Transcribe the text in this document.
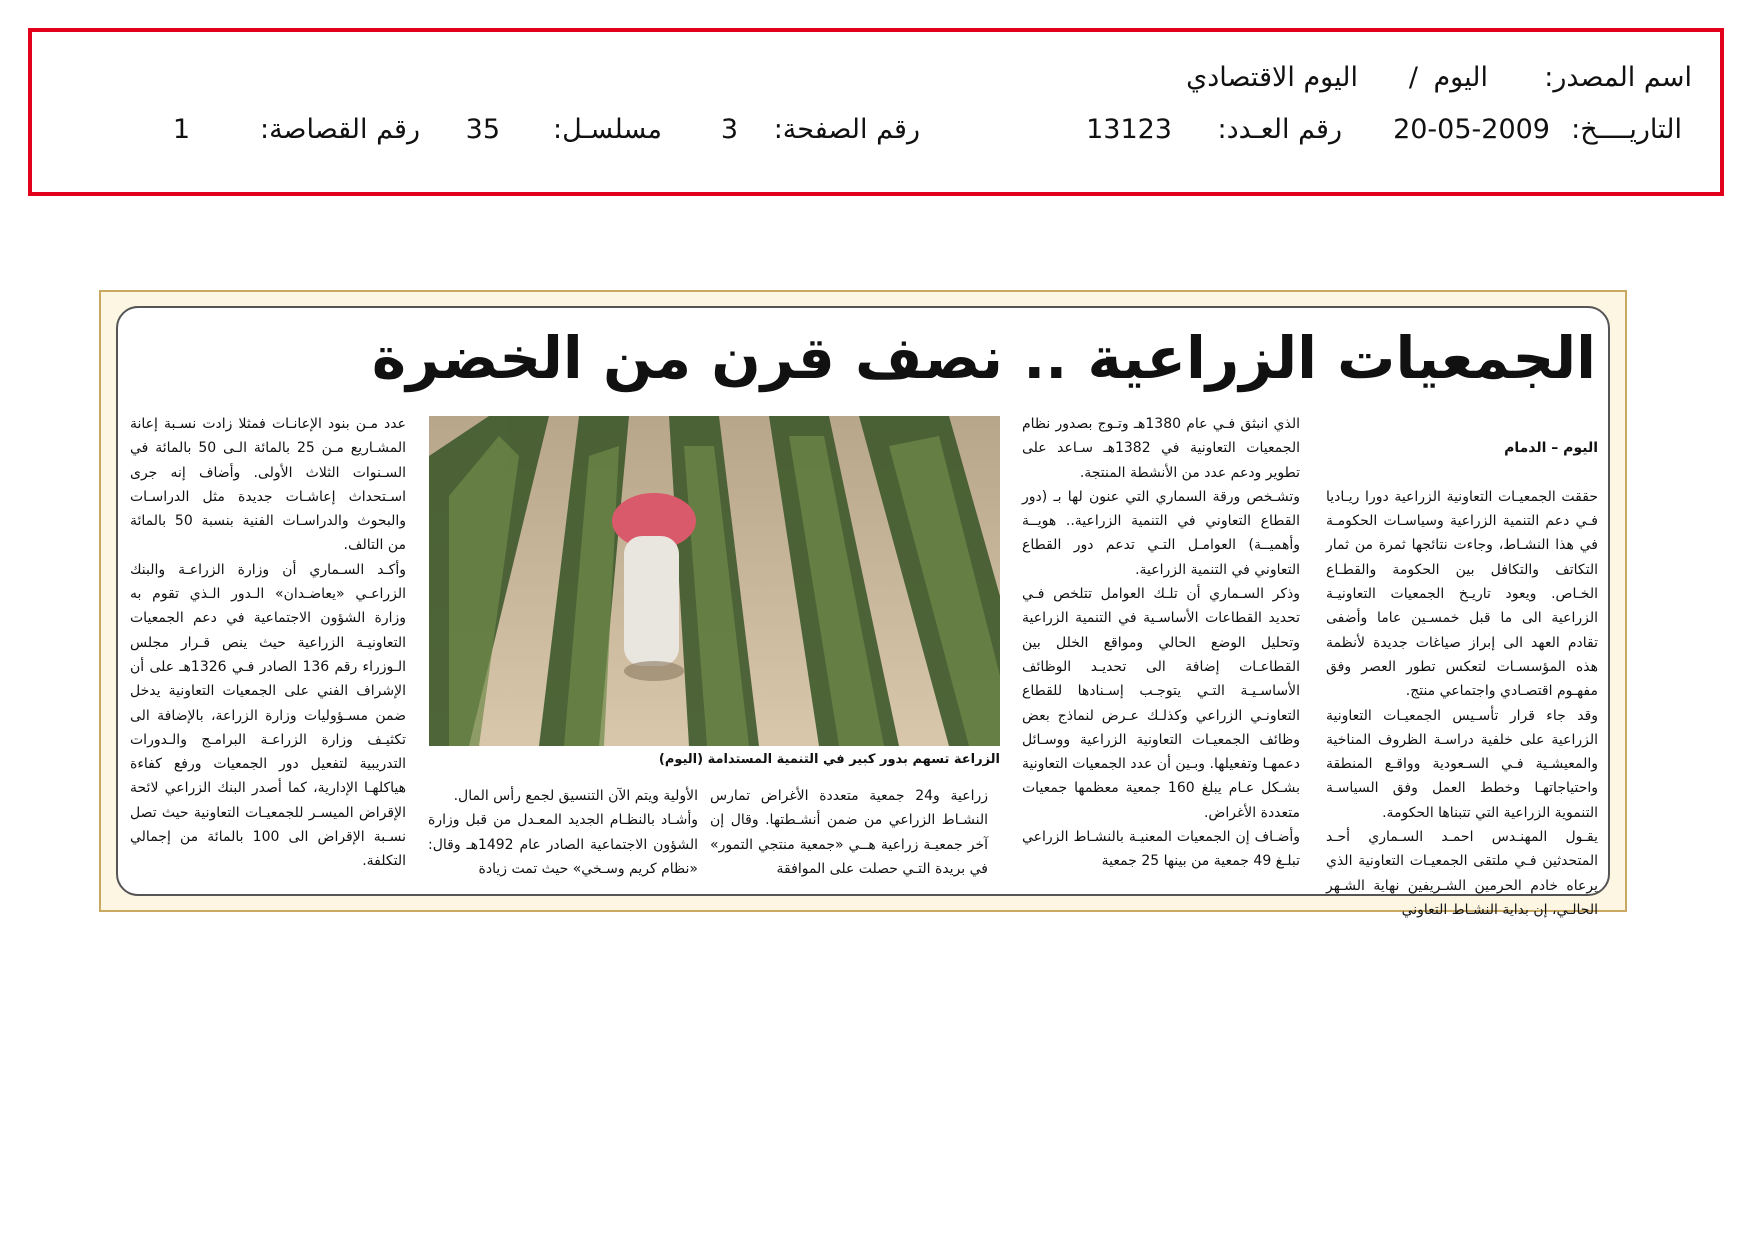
اسم المصدر:
اليوم
/
اليوم الاقتصادي
التاريــــخ:
20-05-2009
رقم العـدد:
13123
رقم الصفحة:
3
مسلسـل:
35
رقم القصاصة:
1
الجمعيات الزراعية .. نصف قرن من الخضرة

اليوم – الدمام

حققت الجمعيـات التعاونية الزراعية دورا ريـاديا فـي دعم التنمية الزراعية وسياسـات الحكومـة في هذا النشـاط، وجاءت نتائجها ثمرة من ثمار التكاتف والتكافل بين الحكومة والقطـاع الخـاص. ويعود تاريـخ الجمعيات التعاونيـة الزراعية الى ما قبل خمسـين عاما وأضفى تقادم العهد الى إبراز صياغات جديدة لأنظمة هذه المؤسسـات لتعكس تطور العصر وفق مفهـوم اقتصـادي واجتماعي منتج.
وقد جاء قرار تأسـيس الجمعيـات التعاونية الزراعية على خلفية دراسـة الظروف المناخية والمعيشـية فـي السـعودية وواقـع المنطقة واحتياجاتهـا وخطط العمل وفق السياسـة التنموية الزراعية التي تتبناها الحكومة.
يقـول المهنـدس احمـد السـماري أحـد المتحدثين فـي ملتقى الجمعيـات التعاونية الذي يرعاه خادم الحرمين الشـريفين نهاية الشـهر الحالـي، إن بداية النشـاط التعاوني

الذي انبثق فـي عام 1380هـ وتـوج بصدور نظام الجمعيات التعاونية في 1382هـ سـاعد على تطوير ودعم عدد من الأنشطة المنتجة.
وتشـخص ورقة السماري التي عنون لها بـ (دور القطاع التعاوني في التنمية الزراعية.. هويــة وأهميــة) العوامـل التـي تدعم دور القطاع التعاوني في التنمية الزراعية.
وذكر السـماري أن تلـك العوامل تتلخص فـي تحديد القطاعات الأساسـية في التنمية الزراعية وتحليل الوضع الحالي ومواقع الخلل بين القطاعـات إضافة الى تحديـد الوظائف الأساسـيـة التـي يتوجـب إسـنادها للقطاع التعاونـي الزراعي وكذلـك عـرض لنماذج بعض وظائف الجمعيـات التعاونية الزراعية ووسـائل دعمهـا وتفعيلها. وبـين أن عدد الجمعيات التعاونية بشـكل عـام يبلغ 160 جمعية معظمها جمعيات متعددة الأغراض.
وأضـاف إن الجمعيات المعنيـة بالنشـاط الزراعي تبلـغ 49 جمعية من بينها 25 جمعية
الزراعة تسهم بدور كبير في التنمية المستدامة (اليوم)
زراعية و24 جمعية متعددة الأغراض تمارس النشـاط الزراعي من ضمن أنشـطتها. وقال إن آخر جمعيـة زراعية هــي «جمعية منتجي التمور» في بريدة التـي حصلت على الموافقة
الأولية ويتم الآن التنسيق لجمع رأس المال.
وأشـاد بالنظـام الجديد المعـدل من قبل وزارة الشؤون الاجتماعية الصادر عام 1492هـ وقال: «نظام كريم وسـخي» حيث تمت زيادة
عدد مـن بنود الإعانـات فمثلا زادت نسـبة إعانة المشـاريع مـن 25 بالمائة الـى 50 بالمائة في السـنوات الثلاث الأولى. وأضاف إنه جرى اسـتحداث إعاشـات جديدة مثل الدراسـات والبحوث والدراسـات الفنية بنسبة 50 بالمائة من التالف.
وأكـد السـماري أن وزارة الزراعـة والبنك الزراعـي «يعاضـدان» الـدور الـذي تقوم به وزارة الشؤون الاجتماعية في دعم الجمعيات التعاونيـة الزراعية حيث ينص قـرار مجلس الـوزراء رقم 136 الصادر فـي 1326هـ على أن الإشراف الفني على الجمعيات التعاونية يدخل ضمن مسـؤوليات وزارة الزراعة، بالإضافة الى تكثيـف وزارة الزراعـة البرامـج والـدورات التدريبية لتفعيل دور الجمعيات ورفع كفاءة هياكلهـا الإدارية، كما أصدر البنك الزراعي لائحة الإقراض الميسـر للجمعيـات التعاونية حيث تصل نسـبة الإقراض الى 100 بالمائة من إجمالي التكلفة.
